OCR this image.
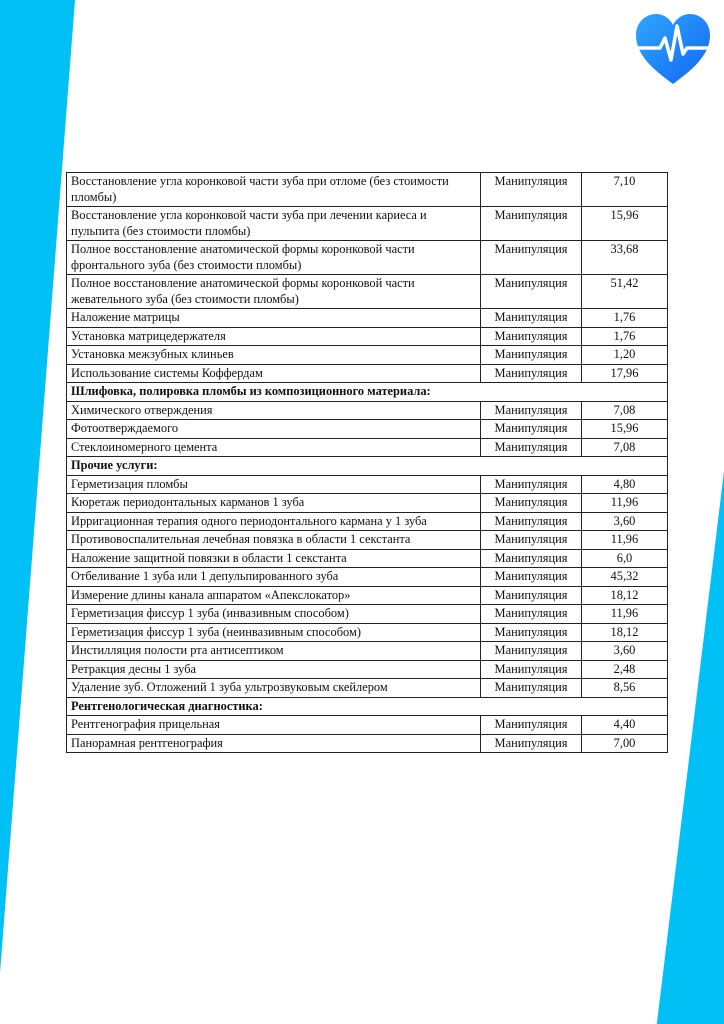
Восстановление угла коронковой части зуба при отломе (без стоимости пломбы)	Манипуляция	7,10
Восстановление угла коронковой части зуба при лечении кариеса и пульпита (без стоимости пломбы)	Манипуляция	15,96
Полное восстановление анатомической формы коронковой части фронтального зуба (без стоимости пломбы)	Манипуляция	33,68
Полное восстановление анатомической формы коронковой части жевательного зуба (без стоимости пломбы)	Манипуляция	51,42
Наложение матрицы	Манипуляция	1,76
Установка матрицедержателя	Манипуляция	1,76
Установка межзубных клиньев	Манипуляция	1,20
Использование системы Коффердам	Манипуляция	17,96
Шлифовка, полировка пломбы из композиционного материала:		
Химического отверждения	Манипуляция	7,08
Фотоотверждаемого	Манипуляция	15,96
Стеклоиномерного цемента	Манипуляция	7,08
Прочие услуги:		
Герметизация пломбы	Манипуляция	4,80
Кюретаж периодонтальных карманов 1 зуба	Манипуляция	11,96
Ирригационная терапия одного периодонтального кармана у 1 зуба	Манипуляция	3,60
Противовоспалительная лечебная повязка в области 1 секстанта	Манипуляция	11,96
Наложение защитной повязки в области 1 секстанта	Манипуляция	6,0
Отбеливание 1 зуба или 1 депульпированного зуба	Манипуляция	45,32
Измерение длины канала аппаратом «Апекслокатор»	Манипуляция	18,12
Герметизация фиссур 1 зуба (инвазивным способом)	Манипуляция	11,96
Герметизация фиссур 1 зуба (неинвазивным способом)	Манипуляция	18,12
Инстилляция полости рта антисептиком	Манипуляция	3,60
Ретракция десны 1 зуба	Манипуляция	2,48
Удаление зуб. Отложений 1 зуба ультрозвуковым скейлером	Манипуляция	8,56
Рентгенологическая диагностика:		
Рентгенография прицельная	Манипуляция	4,40
Панорамная рентгенография	Манипуляция	7,00
